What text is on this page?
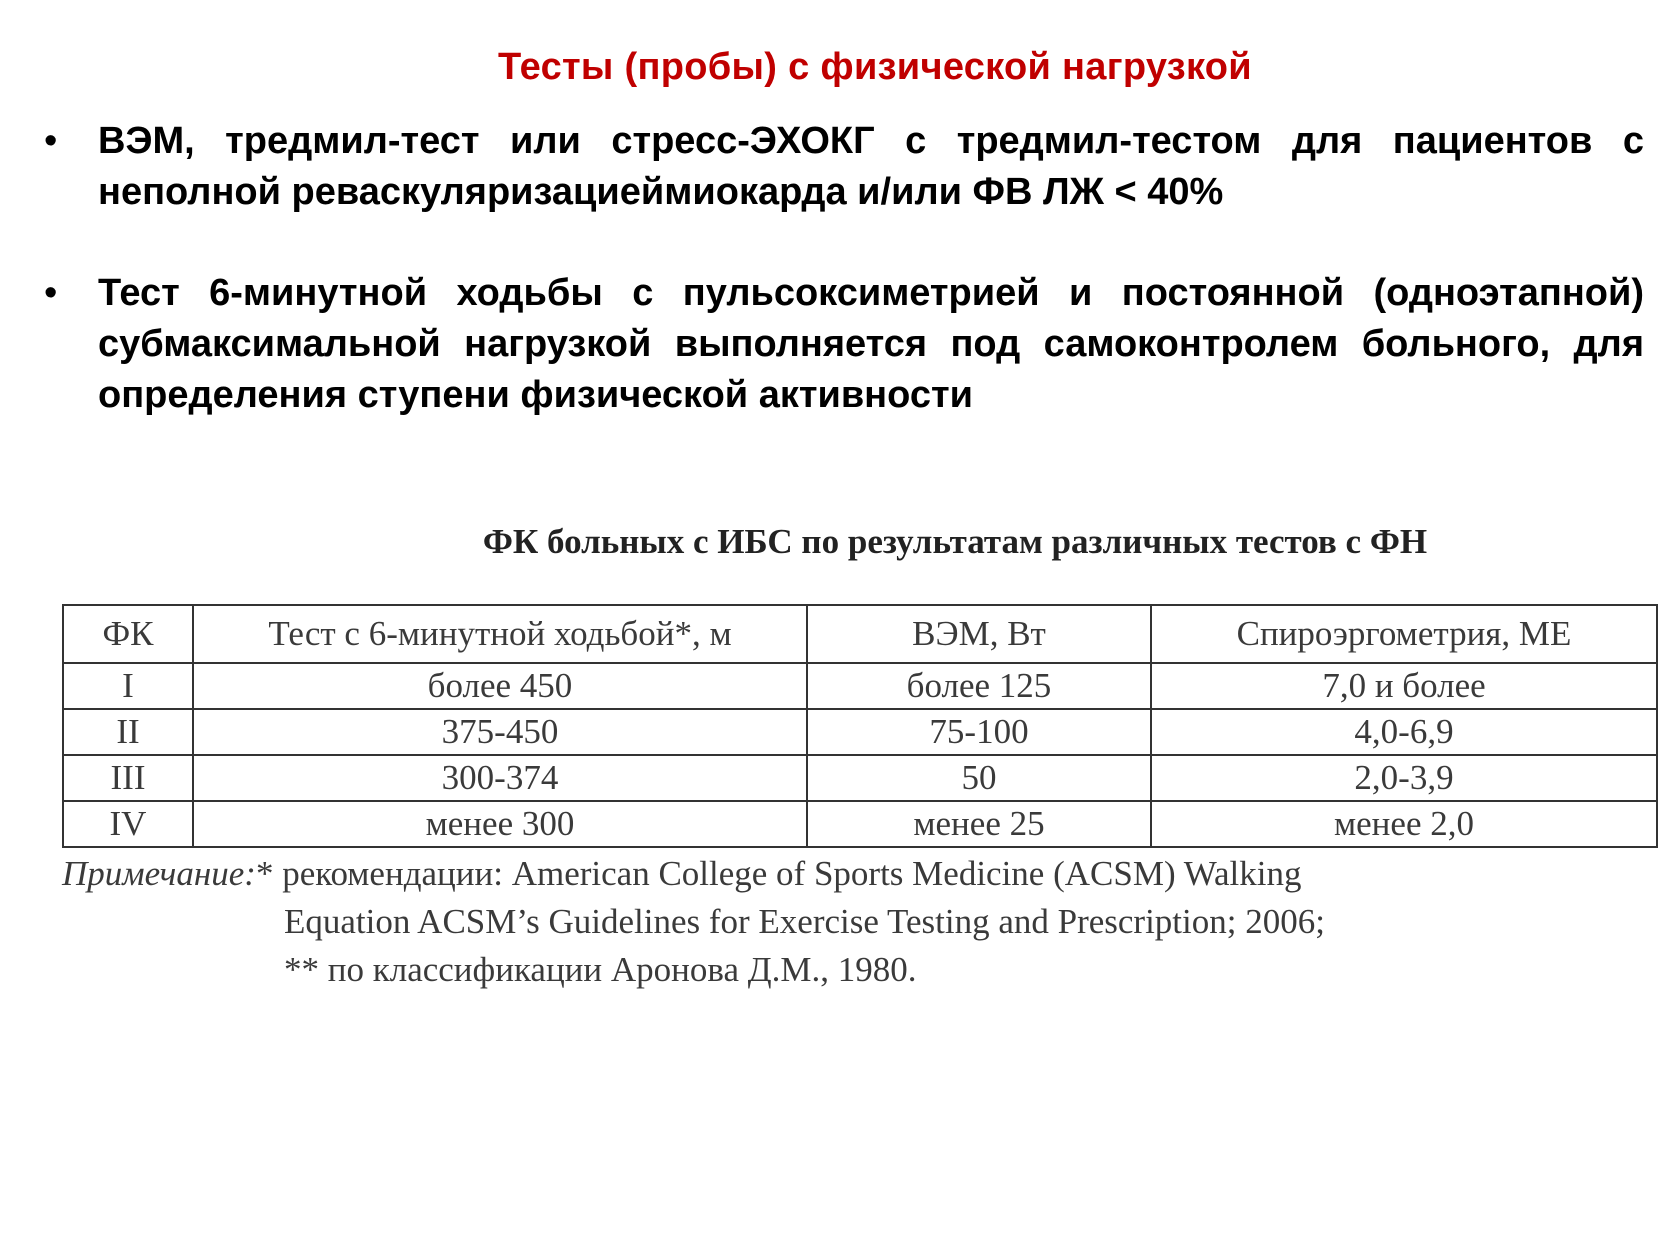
Тесты (пробы) с физической нагрузкой
• ВЭМ, тредмил-тест или стресс-ЭХОКГ с тредмил-тестом для пациентов с неполной реваскуляризациеймиокарда и/или ФВ ЛЖ < 40%
• Тест 6-минутной ходьбы с пульсоксиметрией и постоянной (одноэтапной) субмаксимальной нагрузкой выполняется под самоконтролем больного, для определения ступени физической активности
ФК больных с ИБС по результатам различных тестов с ФН
ФК	Тест с 6-минутной ходьбой*, м	ВЭМ, Вт	Спироэргометрия, МЕ
I	более 450	более 125	7,0 и более
II	375-450	75-100	4,0-6,9
III	300-374	50	2,0-3,9
IV	менее 300	менее 25	менее 2,0
Примечание:* рекомендации: American College of Sports Medicine (ACSM) Walking
Equation ACSM’s Guidelines for Exercise Testing and Prescription; 2006;
** по классификации Аронова Д.М., 1980.
